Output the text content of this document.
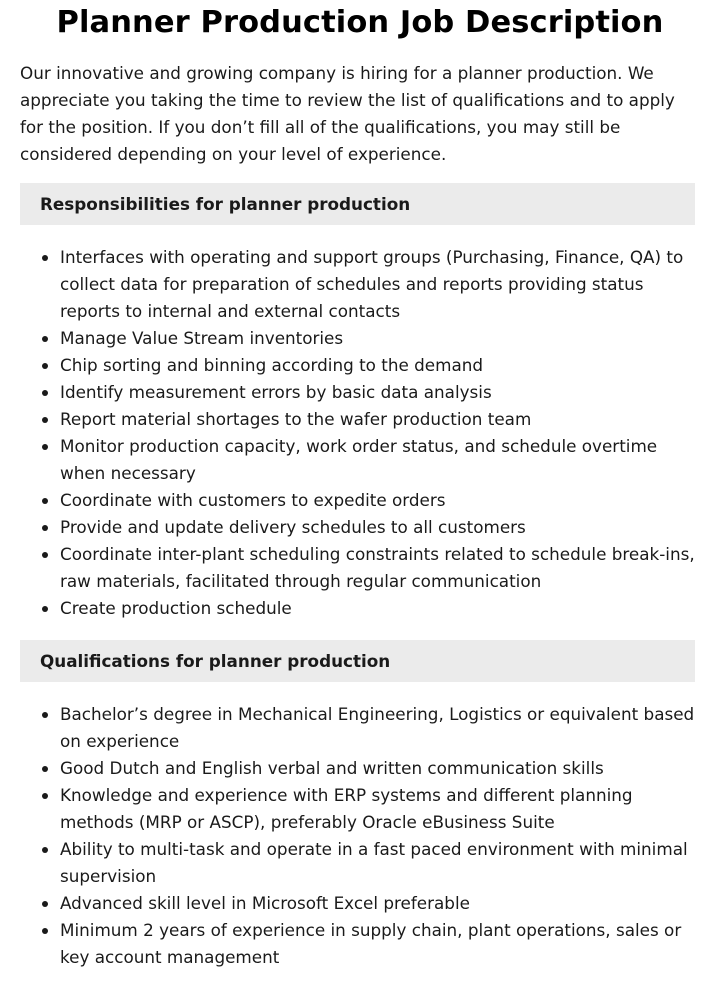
Planner Production Job Description

Our innovative and growing company is hiring for a planner production. We appreciate you taking the time to review the list of qualifications and to apply for the position. If you don’t fill all of the qualifications, you may still be considered depending on your level of experience.

Responsibilities for planner production
Interfaces with operating and support groups (Purchasing, Finance, QA) to collect data for preparation of schedules and reports providing status reports to internal and external contacts
Manage Value Stream inventories
Chip sorting and binning according to the demand
Identify measurement errors by basic data analysis
Report material shortages to the wafer production team
Monitor production capacity, work order status, and schedule overtime when necessary
Coordinate with customers to expedite orders
Provide and update delivery schedules to all customers
Coordinate inter-plant scheduling constraints related to schedule break-ins, raw materials, facilitated through regular communication
Create production schedule
Qualifications for planner production
Bachelor’s degree in Mechanical Engineering, Logistics or equivalent based on experience
Good Dutch and English verbal and written communication skills
Knowledge and experience with ERP systems and different planning methods (MRP or ASCP), preferably Oracle eBusiness Suite
Ability to multi-task and operate in a fast paced environment with minimal supervision
Advanced skill level in Microsoft Excel preferable
Minimum 2 years of experience in supply chain, plant operations, sales or key account management
